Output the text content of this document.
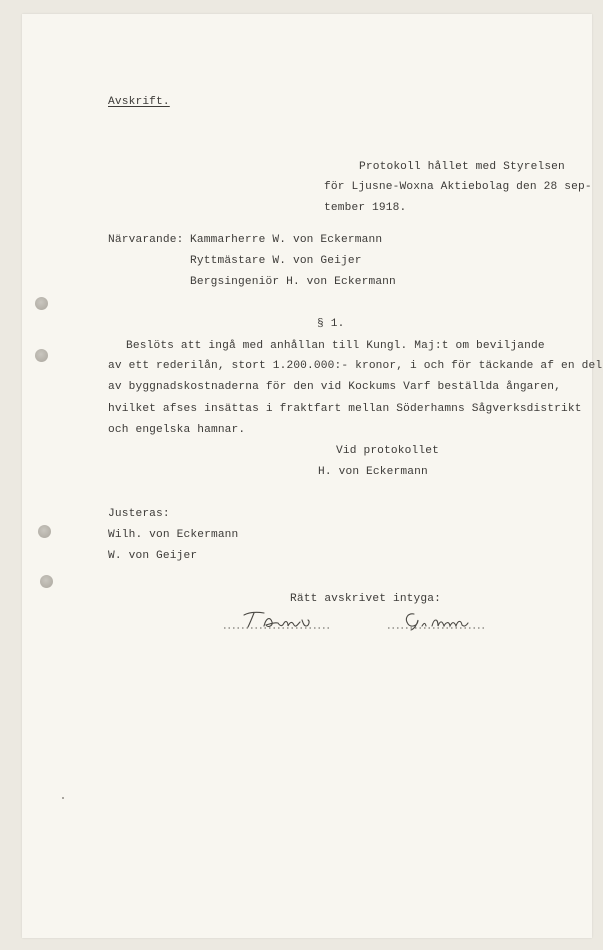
Avskrift.
Protokoll hållet med Styrelsen
för Ljusne-Woxna Aktiebolag den 28 sep-
tember 1918.
Närvarande: Kammarherre W. von Eckermann
Ryttmästare W. von Geijer
Bergsingeniör H. von Eckermann
§ 1.
Beslöts att ingå med anhållan till Kungl. Maj:t om beviljande
av ett rederilån, stort 1.200.000:- kronor, i och för täckande af en del
av byggnadskostnaderna för den vid Kockums Varf beställda ångaren,
hvilket afses insättas i fraktfart mellan Söderhamns Sågverksdistrikt
och engelska hamnar.
Vid protokollet
H. von Eckermann
Justeras:
Wilh. von Eckermann
W. von Geijer
Rätt avskrivet intyga:
